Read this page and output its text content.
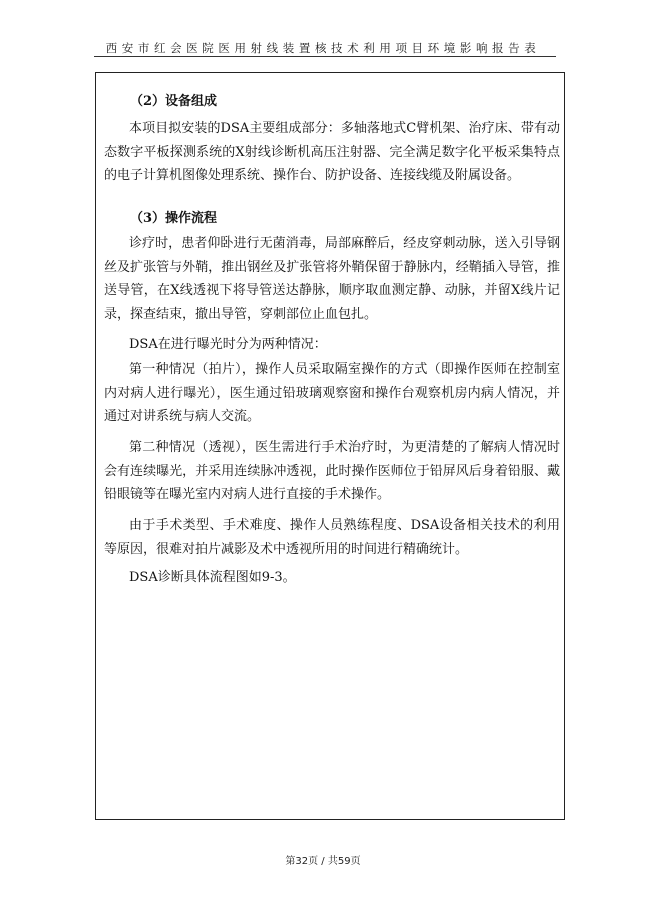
西安市红会医院医用射线装置核技术利用项目环境影响报告表
（2）设备组成
本项目拟安装的DSA主要组成部分：多轴落地式C臂机架、治疗床、带有动态数字平板探测系统的X射线诊断机高压注射器、完全满足数字化平板采集特点的电子计算机图像处理系统、操作台、防护设备、连接线缆及附属设备。
（3）操作流程
诊疗时，患者仰卧进行无菌消毒，局部麻醉后，经皮穿刺动脉，送入引导钢丝及扩张管与外鞘，推出钢丝及扩张管将外鞘保留于静脉内，经鞘插入导管，推送导管，在X线透视下将导管送达静脉，顺序取血测定静、动脉，并留X线片记录，探查结束，撤出导管，穿刺部位止血包扎。
DSA在进行曝光时分为两种情况：
第一种情况（拍片），操作人员采取隔室操作的方式（即操作医师在控制室内对病人进行曝光），医生通过铅玻璃观察窗和操作台观察机房内病人情况，并通过对讲系统与病人交流。
第二种情况（透视），医生需进行手术治疗时，为更清楚的了解病人情况时会有连续曝光，并采用连续脉冲透视，此时操作医师位于铅屏风后身着铅服、戴铅眼镜等在曝光室内对病人进行直接的手术操作。
由于手术类型、手术难度、操作人员熟练程度、DSA设备相关技术的利用等原因，很难对拍片减影及术中透视所用的时间进行精确统计。
DSA诊断具体流程图如9-3。
第32页 / 共59页
